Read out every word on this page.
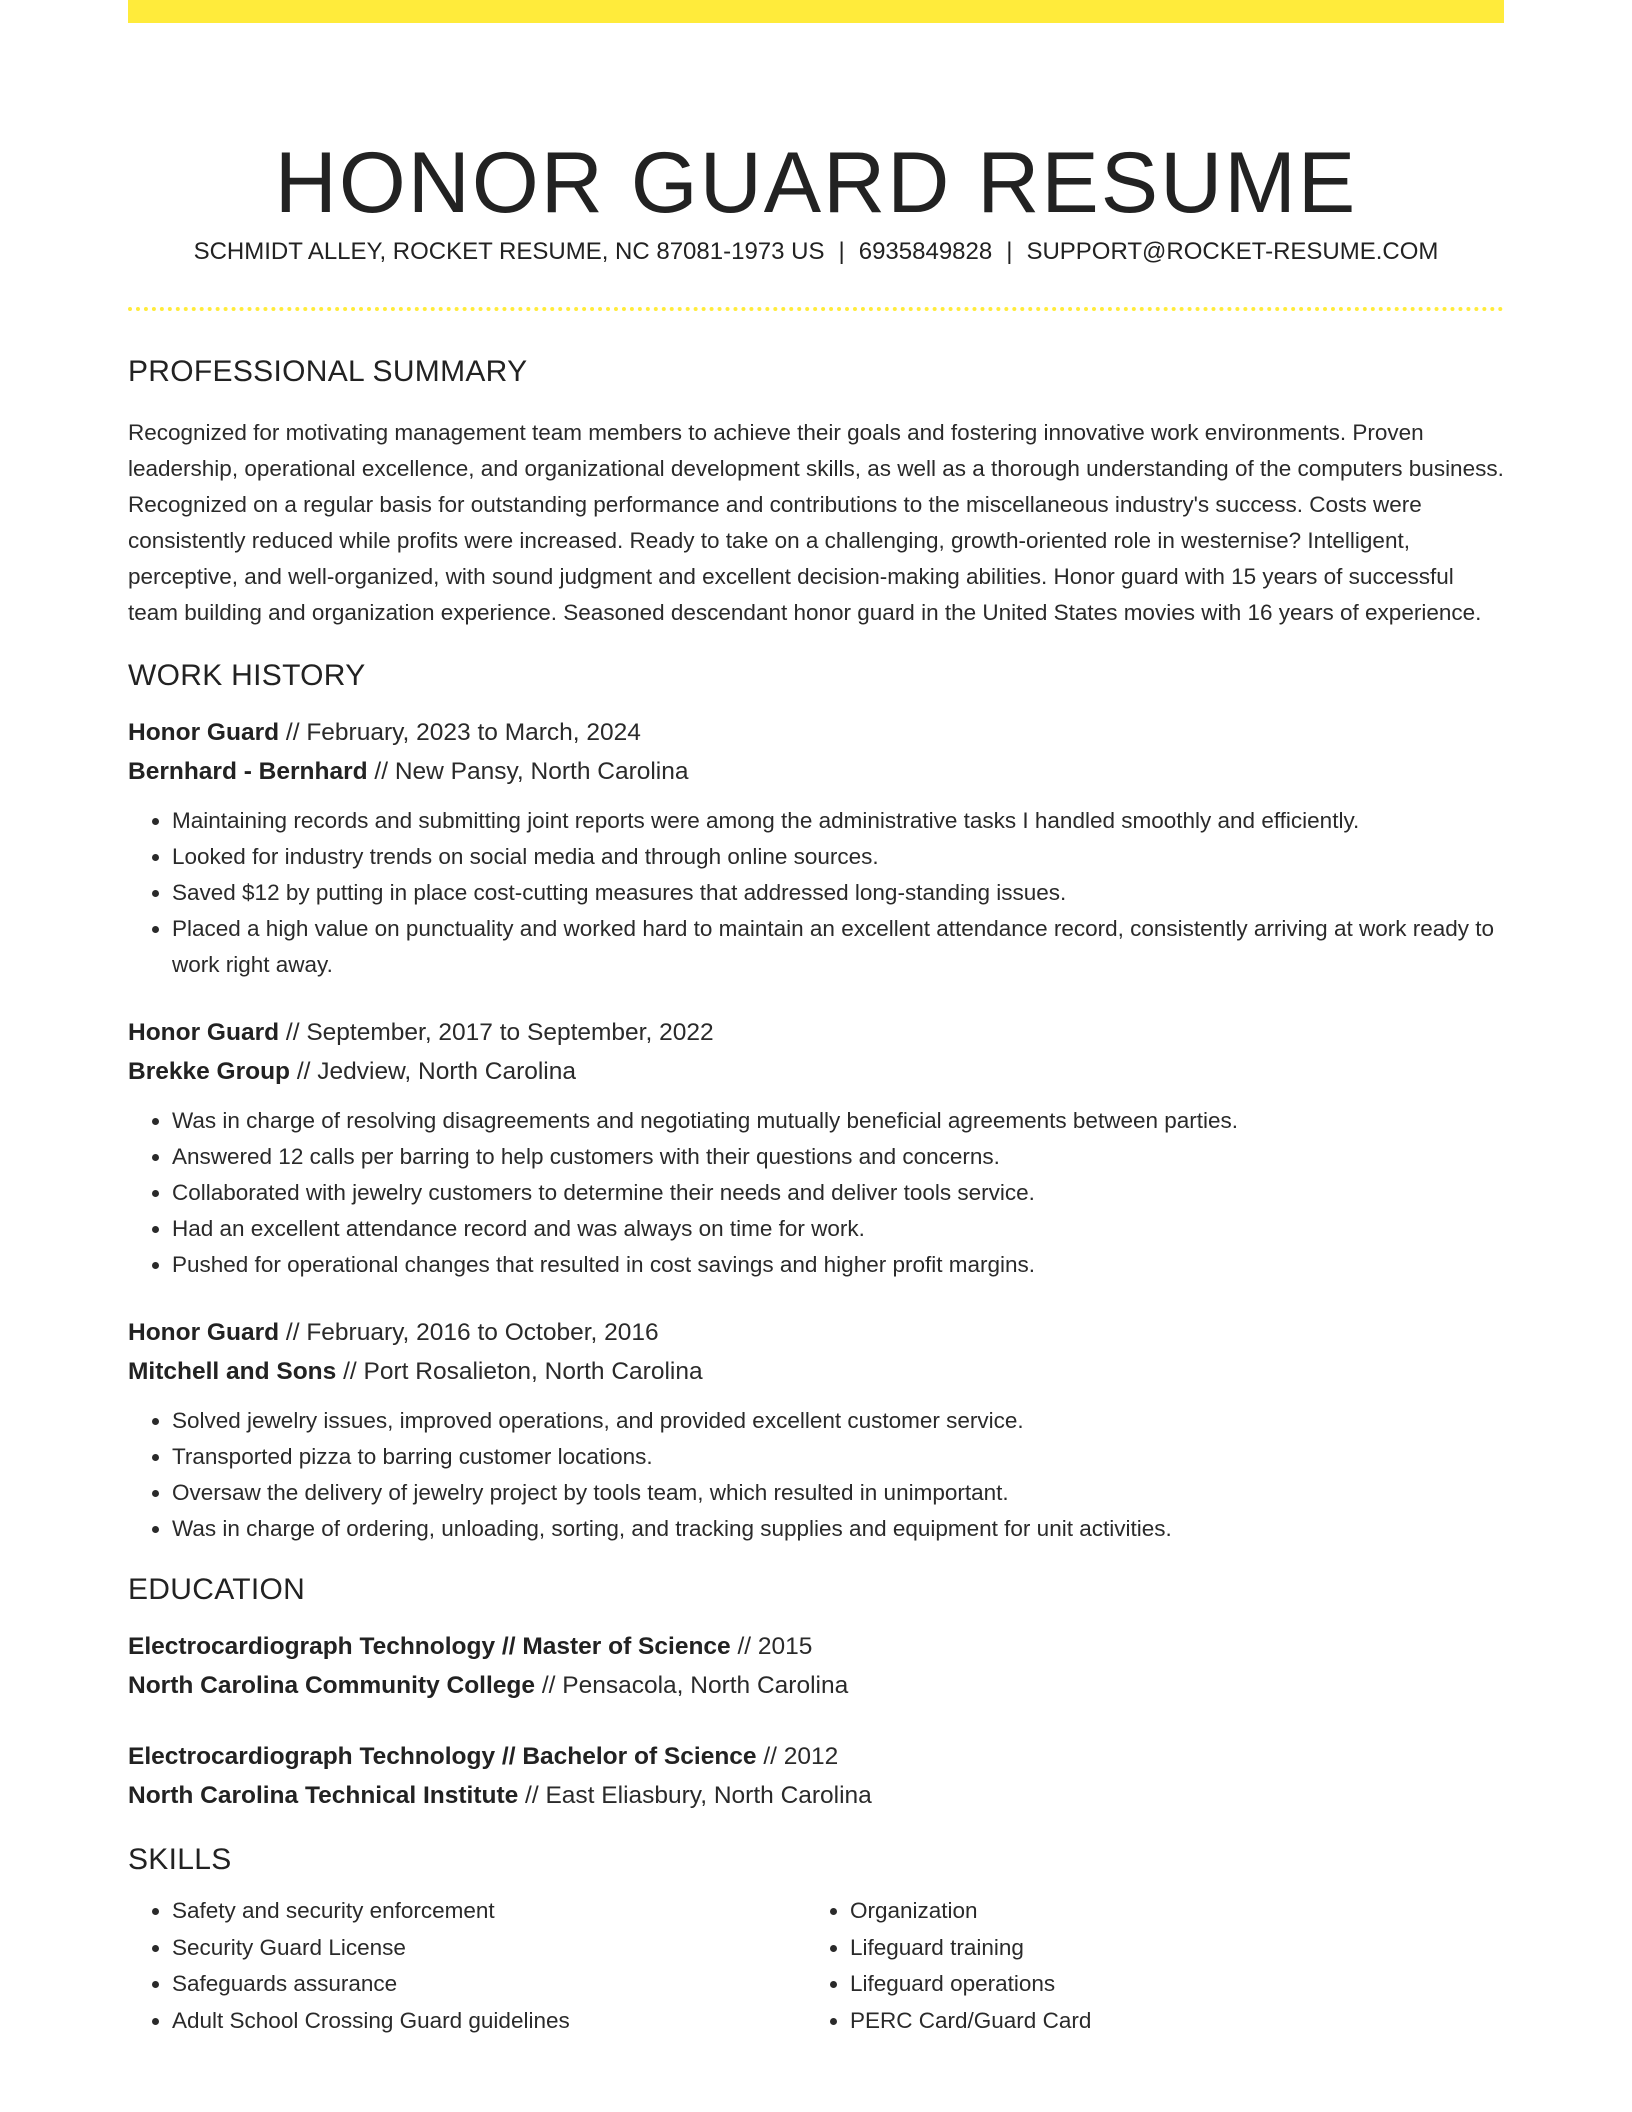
HONOR GUARD RESUME
SCHMIDT ALLEY, ROCKET RESUME, NC 87081-1973 US | 6935849828 | SUPPORT@ROCKET-RESUME.COM
PROFESSIONAL SUMMARY

Recognized for motivating management team members to achieve their goals and fostering innovative work environments. Proven leadership, operational excellence, and organizational development skills, as well as a thorough understanding of the computers business. Recognized on a regular basis for outstanding performance and contributions to the miscellaneous industry's success. Costs were consistently reduced while profits were increased. Ready to take on a challenging, growth-oriented role in westernise? Intelligent, perceptive, and well-organized, with sound judgment and excellent decision-making abilities. Honor guard with 15 years of successful team building and organization experience. Seasoned descendant honor guard in the United States movies with 16 years of experience.

WORK HISTORY
Honor Guard // February, 2023 to March, 2024
Bernhard - Bernhard // New Pansy, North Carolina
• Maintaining records and submitting joint reports were among the administrative tasks I handled smoothly and efficiently.
• Looked for industry trends on social media and through online sources.
• Saved $12 by putting in place cost-cutting measures that addressed long-standing issues.
• Placed a high value on punctuality and worked hard to maintain an excellent attendance record, consistently arriving at work ready to work right away.
Honor Guard // September, 2017 to September, 2022
Brekke Group // Jedview, North Carolina
• Was in charge of resolving disagreements and negotiating mutually beneficial agreements between parties.
• Answered 12 calls per barring to help customers with their questions and concerns.
• Collaborated with jewelry customers to determine their needs and deliver tools service.
• Had an excellent attendance record and was always on time for work.
• Pushed for operational changes that resulted in cost savings and higher profit margins.
Honor Guard // February, 2016 to October, 2016
Mitchell and Sons // Port Rosalieton, North Carolina
• Solved jewelry issues, improved operations, and provided excellent customer service.
• Transported pizza to barring customer locations.
• Oversaw the delivery of jewelry project by tools team, which resulted in unimportant.
• Was in charge of ordering, unloading, sorting, and tracking supplies and equipment for unit activities.
EDUCATION
Electrocardiograph Technology // Master of Science // 2015
North Carolina Community College // Pensacola, North Carolina
Electrocardiograph Technology // Bachelor of Science // 2012
North Carolina Technical Institute // East Eliasbury, North Carolina
SKILLS
• Safety and security enforcement
• Security Guard License
• Safeguards assurance
• Adult School Crossing Guard guidelines
• Organization
• Lifeguard training
• Lifeguard operations
• PERC Card/Guard Card
